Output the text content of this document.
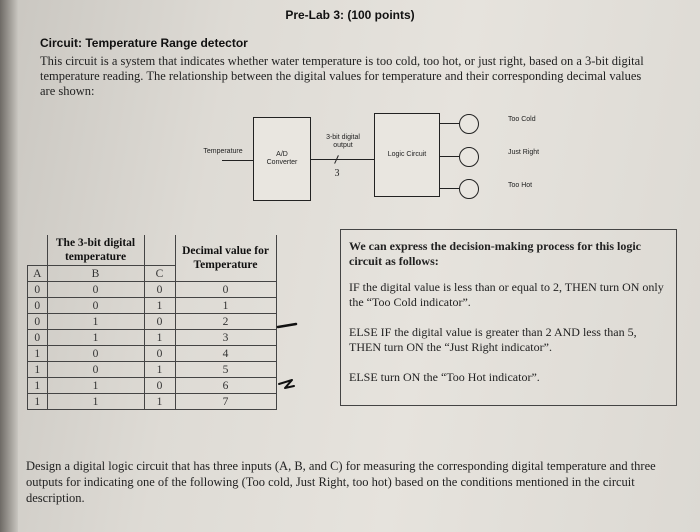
Pre-Lab 3: (100 points)
Circuit: Temperature Range detector
This circuit is a system that indicates whether water temperature is too cold, too hot, or just right, based on a 3-bit digital temperature reading. The relationship between the digital values for temperature and their corresponding decimal values are shown:
Temperature	A/D Converter
3-bit digital output
3
Logic Circuit
Too Cold
Just Right
Too Hot
	The 3-bit digital temperature		Decimal value for Temperature
A	B	C	
0	0	0	0
0	0	1	1
0	1	0	2
0	1	1	3
1	0	0	4
1	0	1	5
1	1	0	6
1	1	1	7

We can express the decision-making process for this logic circuit as follows:

IF the digital value is less than or equal to 2, THEN turn ON only the “Too Cold indicator”.

ELSE IF the digital value is greater than 2 AND less than 5, THEN turn ON the “Just Right indicator”.

ELSE turn ON the “Too Hot indicator”.

Design a digital logic circuit that has three inputs (A, B, and C) for measuring the corresponding digital temperature and three outputs for indicating one of the following (Too cold, Just Right, too hot) based on the conditions mentioned in the circuit description.
